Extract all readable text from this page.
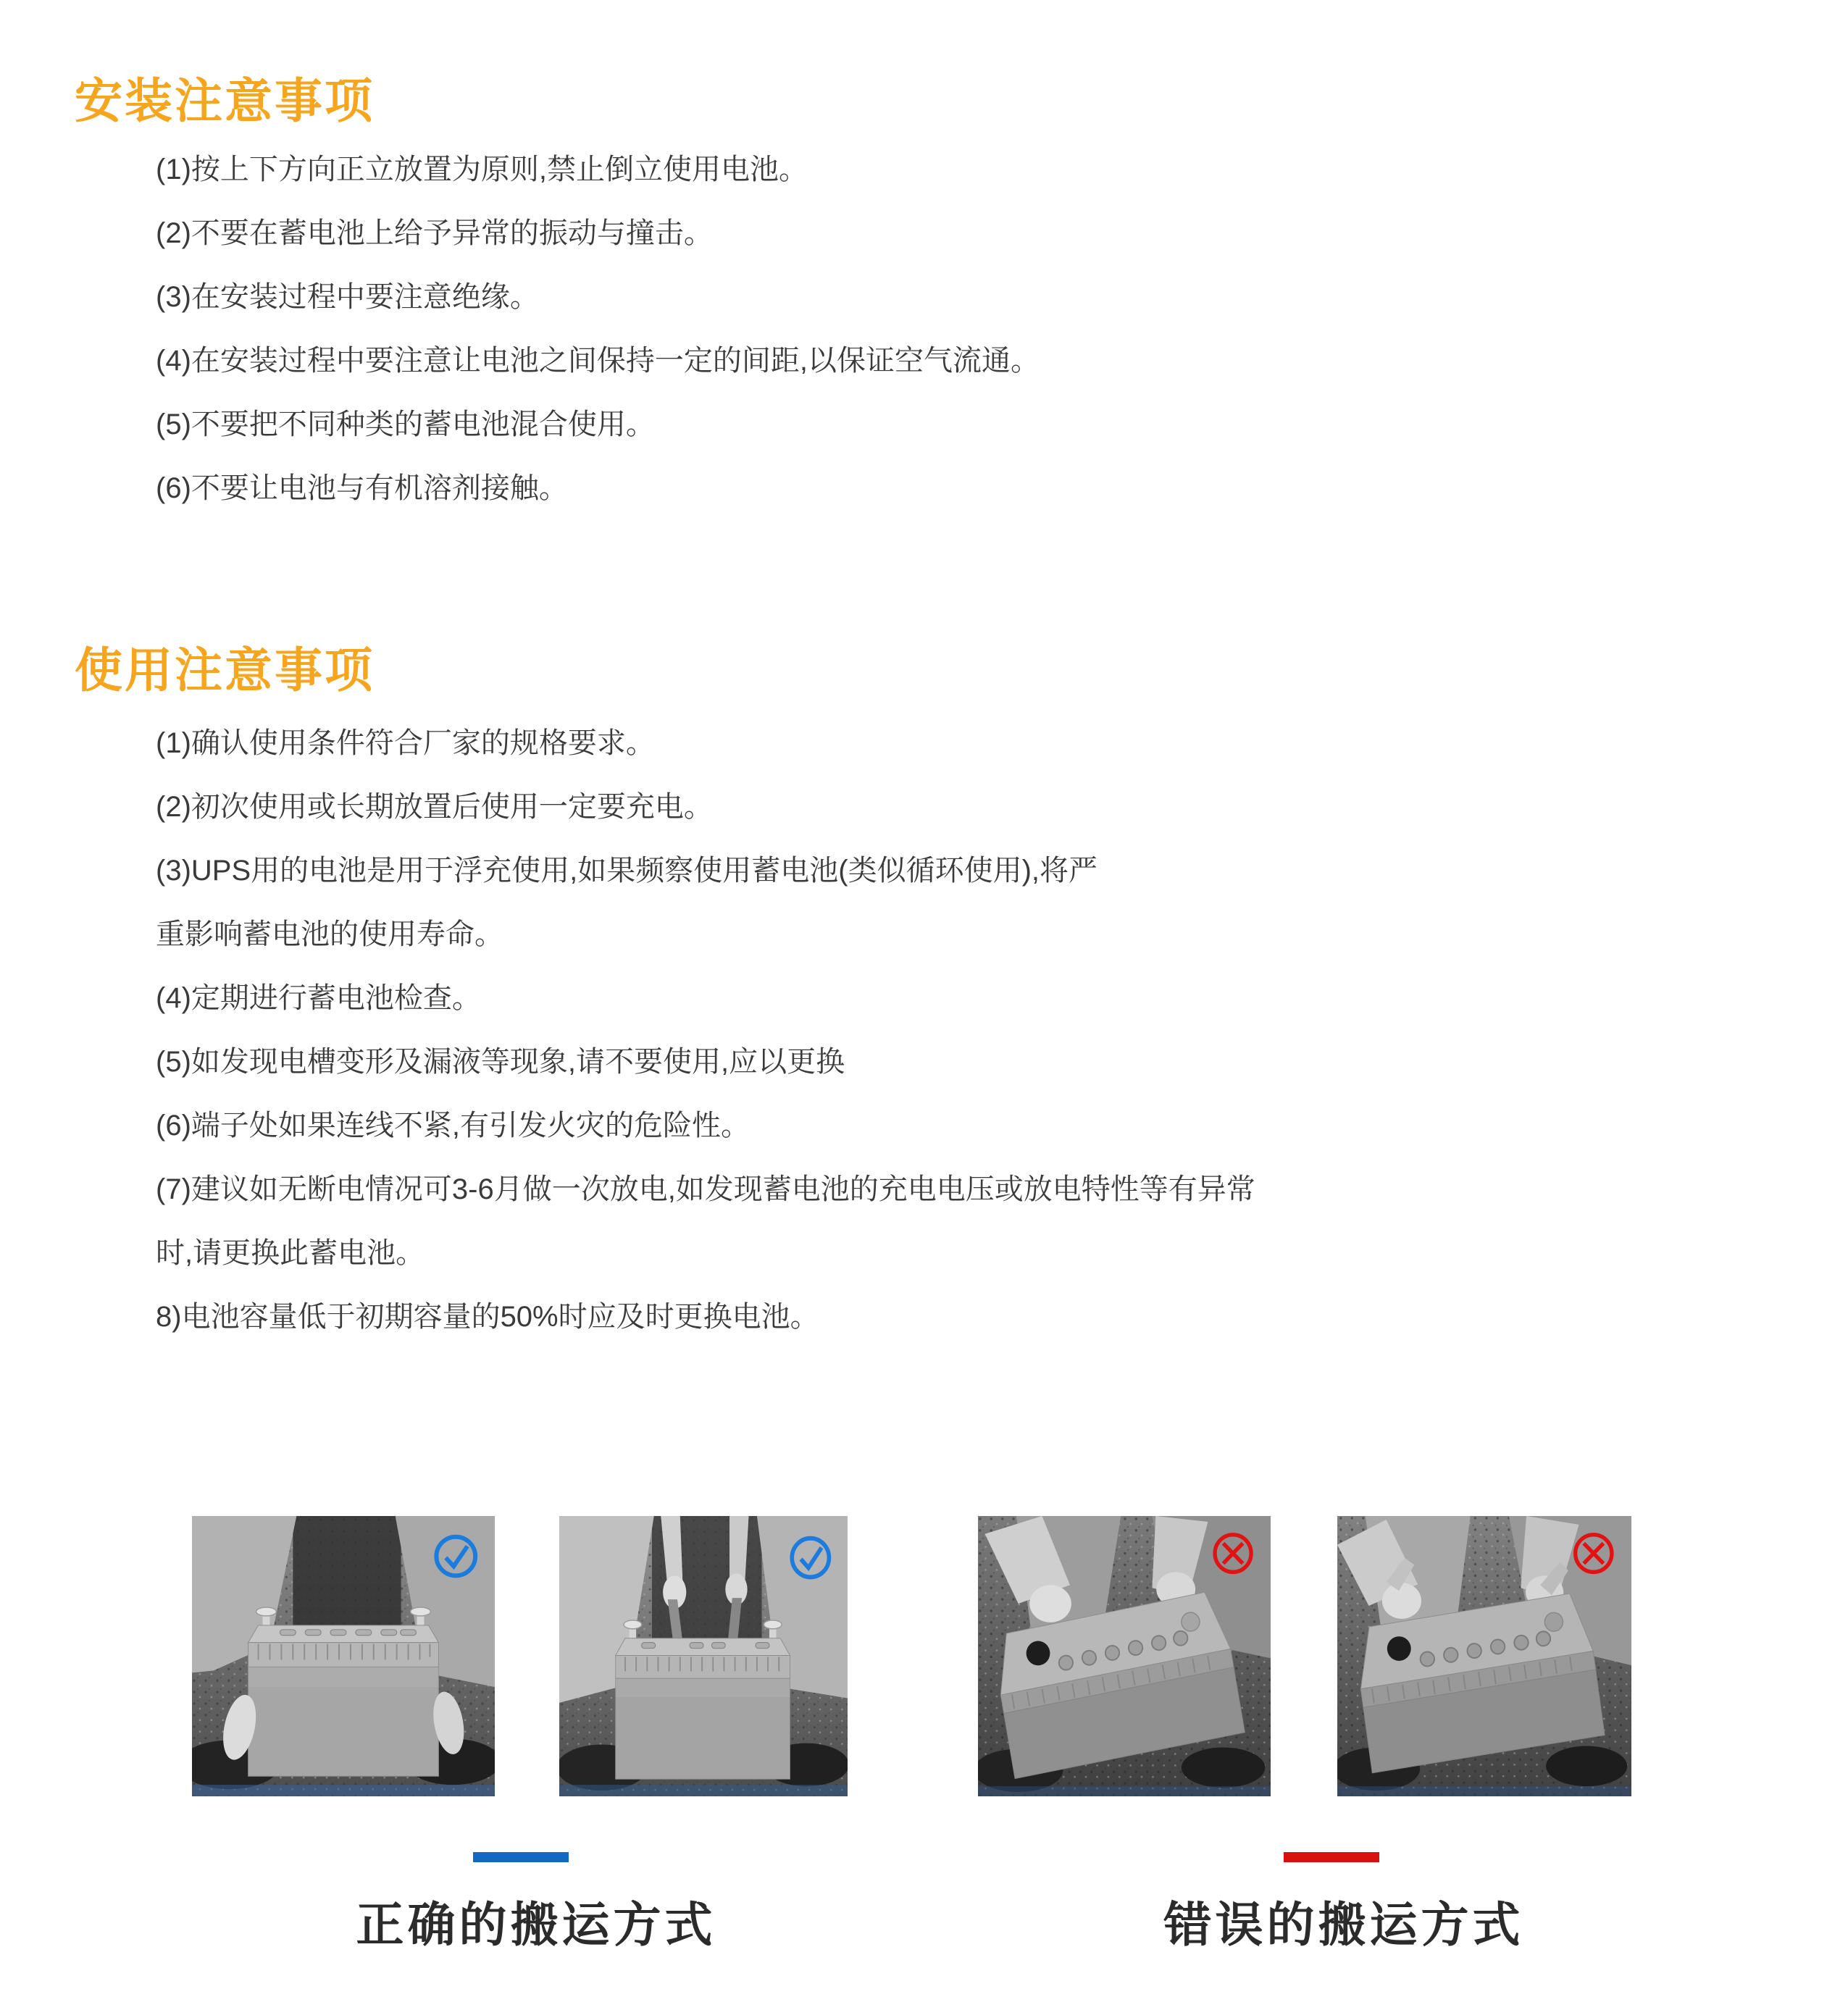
安装注意事项
(1)按上下方向正立放置为原则,禁止倒立使用电池。
(2)不要在蓄电池上给予异常的振动与撞击。
(3)在安装过程中要注意绝缘。
(4)在安装过程中要注意让电池之间保持一定的间距,以保证空气流通。
(5)不要把不同种类的蓄电池混合使用。
(6)不要让电池与有机溶剂接触。
使用注意事项
(1)确认使用条件符合厂家的规格要求。
(2)初次使用或长期放置后使用一定要充电。
(3)UPS用的电池是用于浮充使用,如果频察使用蓄电池(类似循环使用),将严
重影响蓄电池的使用寿命。
(4)定期进行蓄电池检查。
(5)如发现电槽变形及漏液等现象,请不要使用,应以更换
(6)端子处如果连线不紧,有引发火灾的危险性。
(7)建议如无断电情况可3-6月做一次放电,如发现蓄电池的充电电压或放电特性等有异常
时,请更换此蓄电池。
8)电池容量低于初期容量的50%时应及时更换电池。
正确的搬运方式	错误的搬运方式
